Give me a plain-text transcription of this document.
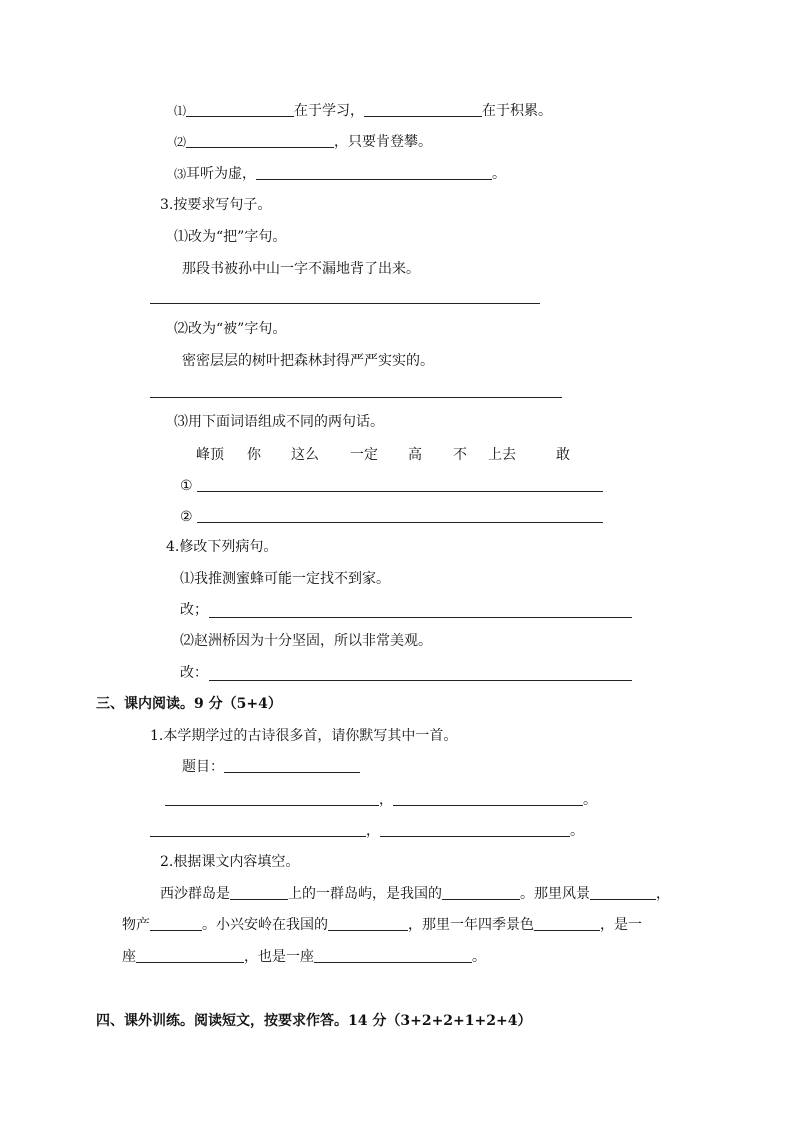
⑴	在于学习，	在于积累。
⑵	，只要肯登攀。
⑶耳听为虚，	。
3.按要求写句子。
⑴改为“把”字句。
那段书被孙中山一字不漏地背了出来。
⑵改为“被”字句。
密密层层的树叶把森林封得严严实实的。
⑶用下面词语组成不同的两句话。
峰顶 你 这么 一定 高 不 上去	敢
①
②
4.修改下列病句。
⑴我推测蜜蜂可能一定找不到家。
改；
⑵赵洲桥因为十分坚固，所以非常美观。
改：
三、课内阅读。9 分（5+4）
1.本学期学过的古诗很多首，请你默写其中一首。
题目：
，	。
，	。
2.根据课文内容填空。
西沙群岛是	上的一群岛屿，是我国的	。那里风景	，
物产	。小兴安岭在我国的	，那里一年四季景色	，是一
座	，也是一座	。
四、课外训练。阅读短文，按要求作答。14 分（3+2+2+1+2+4）
